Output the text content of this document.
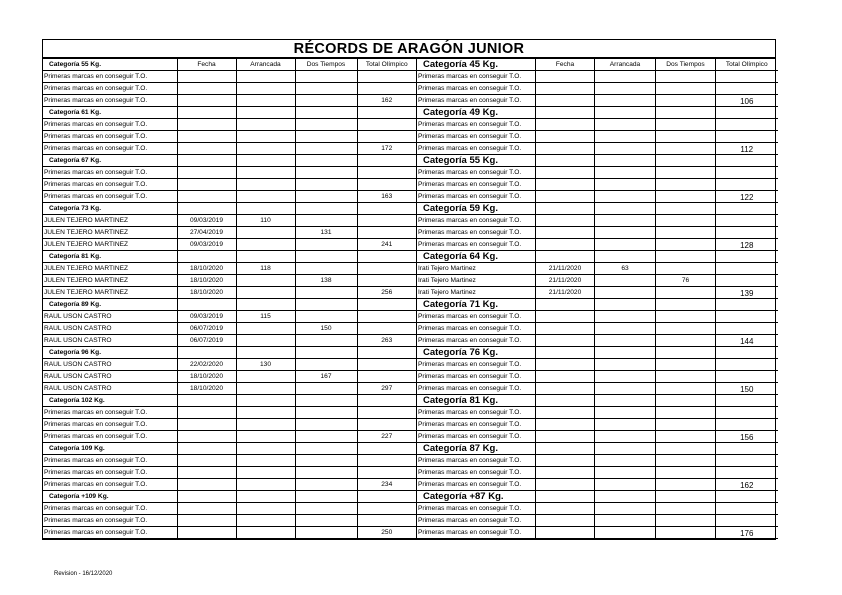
RÉCORDS DE ARAGÓN JUNIOR
Categoría 55 Kg.	Fecha	Arrancada	Dos Tiempos	Total Olímpico
Primeras marcas en conseguir T.O.				
Primeras marcas en conseguir T.O.				
Primeras marcas en conseguir T.O.				162
Categoría 61 Kg.				
Primeras marcas en conseguir T.O.				
Primeras marcas en conseguir T.O.				
Primeras marcas en conseguir T.O.				172
Categoría 67 Kg.				
Primeras marcas en conseguir T.O.				
Primeras marcas en conseguir T.O.				
Primeras marcas en conseguir T.O.				163
Categoría 73 Kg.				
JULEN TEJERO MARTINEZ	09/03/2019	110		
JULEN TEJERO MARTINEZ	27/04/2019		131	
JULEN TEJERO MARTINEZ	09/03/2019			241
Categoría 81 Kg.				
JULEN TEJERO MARTINEZ	18/10/2020	118		
JULEN TEJERO MARTINEZ	18/10/2020		138	
JULEN TEJERO MARTINEZ	18/10/2020			256
Categoría 89 Kg.				
RAUL USON CASTRO	09/03/2019	115		
RAUL USON CASTRO	06/07/2019		150	
RAUL USON CASTRO	06/07/2019			263
Categoría 96 Kg.				
RAUL USON CASTRO	22/02/2020	130		
RAUL USON CASTRO	18/10/2020		167	
RAUL USON CASTRO	18/10/2020			297
Categoría 102 Kg.				
Primeras marcas en conseguir T.O.				
Primeras marcas en conseguir T.O.				
Primeras marcas en conseguir T.O.				227
Categoría 109 Kg.				
Primeras marcas en conseguir T.O.				
Primeras marcas en conseguir T.O.				
Primeras marcas en conseguir T.O.				234
Categoría +109 Kg.				
Primeras marcas en conseguir T.O.				
Primeras marcas en conseguir T.O.				
Primeras marcas en conseguir T.O.				250
Categoría 45 Kg.	Fecha	Arrancada	Dos Tiempos	Total Olímpico
Primeras marcas en conseguir T.O.				
Primeras marcas en conseguir T.O.				
Primeras marcas en conseguir T.O.				106
Categoría 49 Kg.				
Primeras marcas en conseguir T.O.				
Primeras marcas en conseguir T.O.				
Primeras marcas en conseguir T.O.				112
Categoría 55 Kg.				
Primeras marcas en conseguir T.O.				
Primeras marcas en conseguir T.O.				
Primeras marcas en conseguir T.O.				122
Categoría 59 Kg.				
Primeras marcas en conseguir T.O.				
Primeras marcas en conseguir T.O.				
Primeras marcas en conseguir T.O.				128
Categoría 64 Kg.				
Irati Tejero Martinez	21/11/2020	63		
Irati Tejero Martinez	21/11/2020		76	
Irati Tejero Martinez	21/11/2020			139
Categoría 71 Kg.				
Primeras marcas en conseguir T.O.				
Primeras marcas en conseguir T.O.				
Primeras marcas en conseguir T.O.				144
Categoría 76 Kg.				
Primeras marcas en conseguir T.O.				
Primeras marcas en conseguir T.O.				
Primeras marcas en conseguir T.O.				150
Categoría 81 Kg.				
Primeras marcas en conseguir T.O.				
Primeras marcas en conseguir T.O.				
Primeras marcas en conseguir T.O.				156
Categoría 87 Kg.				
Primeras marcas en conseguir T.O.				
Primeras marcas en conseguir T.O.				
Primeras marcas en conseguir T.O.				162
Categoría +87 Kg.				
Primeras marcas en conseguir T.O.				
Primeras marcas en conseguir T.O.				
Primeras marcas en conseguir T.O.				176
Revision - 16/12/2020
